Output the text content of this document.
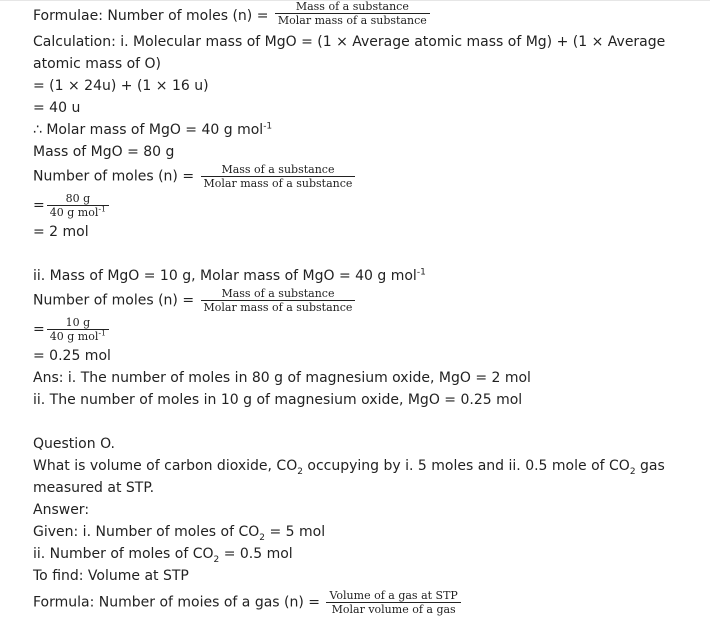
Formulae: Number of moles $(n) = \frac{\text{Mass of a substance}}{\text{Molar mass of a substance}}$
Calculation: i. Molecular mass of MgO = (1 × Average atomic mass of Mg) + (1 × Average atomic mass of O)
= (1 × 24u) + (1 × 16 u)
= 40 u
∴ Molar mass of MgO = 40 g mol$^{-1}$
Mass of MgO = 80 g
Number of moles $(n) = \frac{\text{Mass of a substance}}{\text{Molar mass of a substance}}$
= $\frac{80 g}{40 g mol^{-1}}$
= 2 mol
ii. Mass of MgO = 10 g, Molar mass of MgO = 40 g mol$^{-1}$
Number of moles $(n) = \frac{\text{Mass of a substance}}{\text{Molar mass of a substance}}$
= $\frac{10 g}{40 g mol^{-1}}$
= 0.25 mol
Ans: i. The number of moles in 80 g of magnesium oxide, MgO = 2 mol
ii. The number of moles in 10 g of magnesium oxide, MgO = 0.25 mol
Question O.
What is volume of carbon dioxide, $CO_2$ occupying by i. 5 moles and ii. 0.5 mole of $CO_2$ gas measured at STP.
Answer:
Given: i. Number of moles of $CO_2 = 5$ mol
ii. Number of moles of $CO_2 = 0.5$ mol
To find: Volume at STP
Formula: Number of moies of a gas $(n) = \frac{\text{Volume of a gas at STP}}{\text{Molar volume of a gas}}$
